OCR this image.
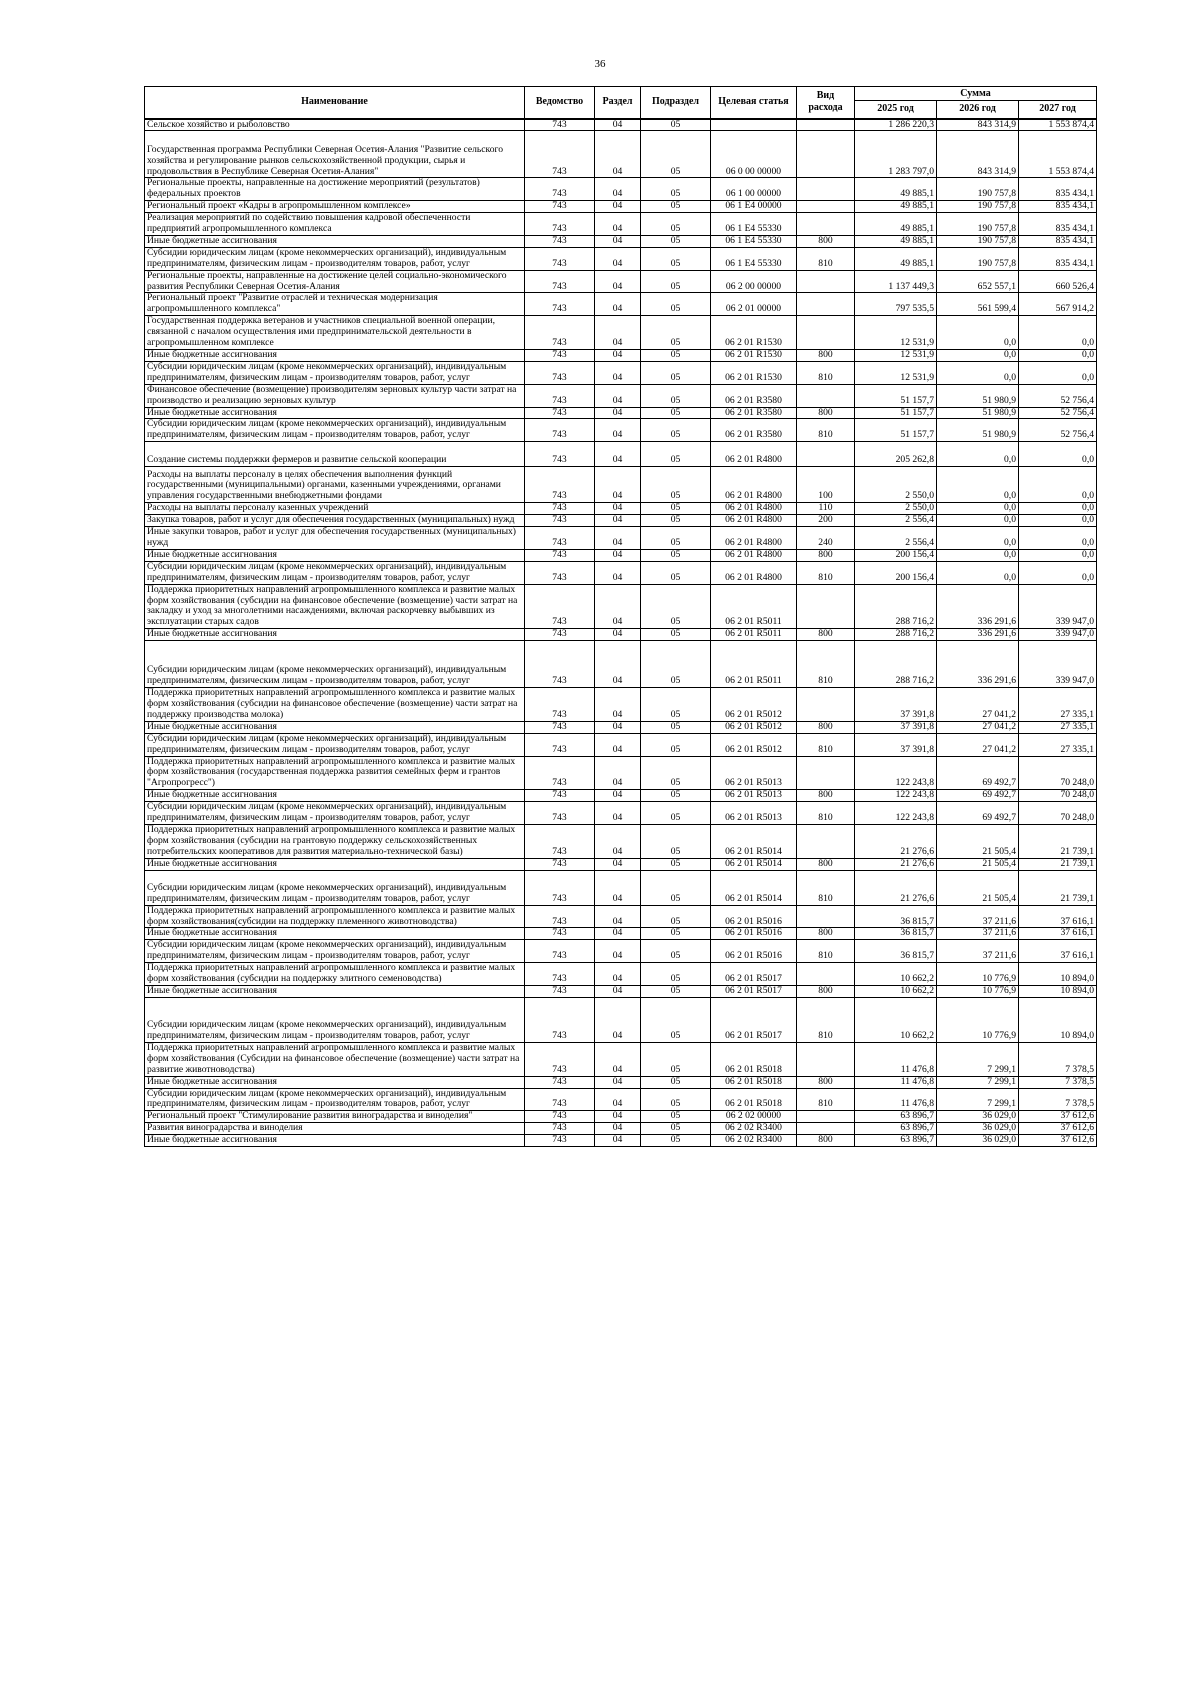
36
Наименование	Ведомство	Раздел	Подраздел	Целевая статья	Вид расхода	Сумма		
						2025 год	2026 год	2027 год
Сельское хозяйство и рыболовство	743	04	05			1 286 220,3	843 314,9	1 553 874,4
Государственная программа Республики Северная Осетия-Алания "Развитие сельского хозяйства и регулирование рынков сельскохозяйственной продукции, сырья и продовольствия в Республике Северная Осетия-Алания"	743	04	05	06 0 00 00000		1 283 797,0	843 314,9	1 553 874,4
Региональные проекты, направленные на достижение мероприятий (результатов) федеральных проектов	743	04	05	06 1 00 00000		49 885,1	190 757,8	835 434,1
Региональный проект «Кадры в агропромышленном комплексе»	743	04	05	06 1 Е4 00000		49 885,1	190 757,8	835 434,1
Реализация мероприятий по содействию повышения кадровой обеспеченности предприятий агропромышленного комплекса	743	04	05	06 1 Е4 55330		49 885,1	190 757,8	835 434,1
Иные бюджетные ассигнования	743	04	05	06 1 Е4 55330	800	49 885,1	190 757,8	835 434,1
Субсидии юридическим лицам (кроме некоммерческих организаций), индивидуальным предпринимателям, физическим лицам - производителям товаров, работ, услуг	743	04	05	06 1 Е4 55330	810	49 885,1	190 757,8	835 434,1
Региональные проекты, направленные на достижение целей социально-экономического развития Республики Северная Осетия-Алания	743	04	05	06 2 00 00000		1 137 449,3	652 557,1	660 526,4
Региональный проект "Развитие отраслей и техническая модернизация агропромышленного комплекса"	743	04	05	06 2 01 00000		797 535,5	561 599,4	567 914,2
Государственная поддержка ветеранов и участников специальной военной операции, связанной с началом осуществления ими предпринимательской деятельности в агропромышленном комплексе	743	04	05	06 2 01 R1530		12 531,9	0,0	0,0
Иные бюджетные ассигнования	743	04	05	06 2 01 R1530	800	12 531,9	0,0	0,0
Субсидии юридическим лицам (кроме некоммерческих организаций), индивидуальным предпринимателям, физическим лицам - производителям товаров, работ, услуг	743	04	05	06 2 01 R1530	810	12 531,9	0,0	0,0
Финансовое обеспечение (возмещение) производителям зерновых культур части затрат на производство и реализацию зерновых культур	743	04	05	06 2 01 R3580		51 157,7	51 980,9	52 756,4
Иные бюджетные ассигнования	743	04	05	06 2 01 R3580	800	51 157,7	51 980,9	52 756,4
Субсидии юридическим лицам (кроме некоммерческих организаций), индивидуальным предпринимателям, физическим лицам - производителям товаров, работ, услуг	743	04	05	06 2 01 R3580	810	51 157,7	51 980,9	52 756,4
Создание системы поддержки фермеров и развитие сельской кооперации	743	04	05	06 2 01 R4800		205 262,8	0,0	0,0
Расходы на выплаты персоналу в целях обеспечения выполнения функций государственными (муниципальными) органами, казенными учреждениями, органами управления государственными внебюджетными фондами	743	04	05	06 2 01 R4800	100	2 550,0	0,0	0,0
Расходы на выплаты персоналу казенных учреждений	743	04	05	06 2 01 R4800	110	2 550,0	0,0	0,0
Закупка товаров, работ и услуг для обеспечения государственных (муниципальных) нужд	743	04	05	06 2 01 R4800	200	2 556,4	0,0	0,0
Иные закупки товаров, работ и услуг для обеспечения государственных (муниципальных) нужд	743	04	05	06 2 01 R4800	240	2 556,4	0,0	0,0
Иные бюджетные ассигнования	743	04	05	06 2 01 R4800	800	200 156,4	0,0	0,0
Субсидии юридическим лицам (кроме некоммерческих организаций), индивидуальным предпринимателям, физическим лицам - производителям товаров, работ, услуг	743	04	05	06 2 01 R4800	810	200 156,4	0,0	0,0
Поддержка приоритетных направлений агропромышленного комплекса и развитие малых форм хозяйствования (субсидии на финансовое обеспечение (возмещение) части затрат на закладку и уход за многолетними насаждениями, включая раскорчевку выбывших из эксплуатации старых садов	743	04	05	06 2 01 R5011		288 716,2	336 291,6	339 947,0
Иные бюджетные ассигнования	743	04	05	06 2 01 R5011	800	288 716,2	336 291,6	339 947,0
Субсидии юридическим лицам (кроме некоммерческих организаций), индивидуальным предпринимателям, физическим лицам - производителям товаров, работ, услуг	743	04	05	06 2 01 R5011	810	288 716,2	336 291,6	339 947,0
Поддержка приоритетных направлений агропромышленного комплекса и развитие малых форм хозяйствования (субсидии на финансовое обеспечение (возмещение) части затрат на поддержку производства молока)	743	04	05	06 2 01 R5012		37 391,8	27 041,2	27 335,1
Иные бюджетные ассигнования	743	04	05	06 2 01 R5012	800	37 391,8	27 041,2	27 335,1
Субсидии юридическим лицам (кроме некоммерческих организаций), индивидуальным предпринимателям, физическим лицам - производителям товаров, работ, услуг	743	04	05	06 2 01 R5012	810	37 391,8	27 041,2	27 335,1
Поддержка приоритетных направлений агропромышленного комплекса и развитие малых форм хозяйствования (государственная поддержка развития семейных ферм и грантов "Агропрогресс")	743	04	05	06 2 01 R5013		122 243,8	69 492,7	70 248,0
Иные бюджетные ассигнования	743	04	05	06 2 01 R5013	800	122 243,8	69 492,7	70 248,0
Субсидии юридическим лицам (кроме некоммерческих организаций), индивидуальным предпринимателям, физическим лицам - производителям товаров, работ, услуг	743	04	05	06 2 01 R5013	810	122 243,8	69 492,7	70 248,0
Поддержка приоритетных направлений агропромышленного комплекса и развитие малых форм хозяйствования (субсидии на грантовую поддержку сельскохозяйственных потребительских кооперативов для развития материально-технической базы)	743	04	05	06 2 01 R5014		21 276,6	21 505,4	21 739,1
Иные бюджетные ассигнования	743	04	05	06 2 01 R5014	800	21 276,6	21 505,4	21 739,1
Субсидии юридическим лицам (кроме некоммерческих организаций), индивидуальным предпринимателям, физическим лицам - производителям товаров, работ, услуг	743	04	05	06 2 01 R5014	810	21 276,6	21 505,4	21 739,1
Поддержка приоритетных направлений агропромышленного комплекса и развитие малых форм хозяйствования(субсидии на поддержку племенного животноводства)	743	04	05	06 2 01 R5016		36 815,7	37 211,6	37 616,1
Иные бюджетные ассигнования	743	04	05	06 2 01 R5016	800	36 815,7	37 211,6	37 616,1
Субсидии юридическим лицам (кроме некоммерческих организаций), индивидуальным предпринимателям, физическим лицам - производителям товаров, работ, услуг	743	04	05	06 2 01 R5016	810	36 815,7	37 211,6	37 616,1
Поддержка приоритетных направлений агропромышленного комплекса и развитие малых форм хозяйствования (субсидии на поддержку элитного семеноводства)	743	04	05	06 2 01 R5017		10 662,2	10 776,9	10 894,0
Иные бюджетные ассигнования	743	04	05	06 2 01 R5017	800	10 662,2	10 776,9	10 894,0
Субсидии юридическим лицам (кроме некоммерческих организаций), индивидуальным предпринимателям, физическим лицам - производителям товаров, работ, услуг	743	04	05	06 2 01 R5017	810	10 662,2	10 776,9	10 894,0
Поддержка приоритетных направлений агропромышленного комплекса и развитие малых форм хозяйствования (Субсидии на финансовое обеспечение (возмещение) части затрат на развитие животноводства)	743	04	05	06 2 01 R5018		11 476,8	7 299,1	7 378,5
Иные бюджетные ассигнования	743	04	05	06 2 01 R5018	800	11 476,8	7 299,1	7 378,5
Субсидии юридическим лицам (кроме некоммерческих организаций), индивидуальным предпринимателям, физическим лицам - производителям товаров, работ, услуг	743	04	05	06 2 01 R5018	810	11 476,8	7 299,1	7 378,5
Региональный проект "Стимулирование развития виноградарства и виноделия"	743	04	05	06 2 02 00000		63 896,7	36 029,0	37 612,6
Развития виноградарства и виноделия	743	04	05	06 2 02 R3400		63 896,7	36 029,0	37 612,6
Иные бюджетные ассигнования	743	04	05	06 2 02 R3400	800	63 896,7	36 029,0	37 612,6
